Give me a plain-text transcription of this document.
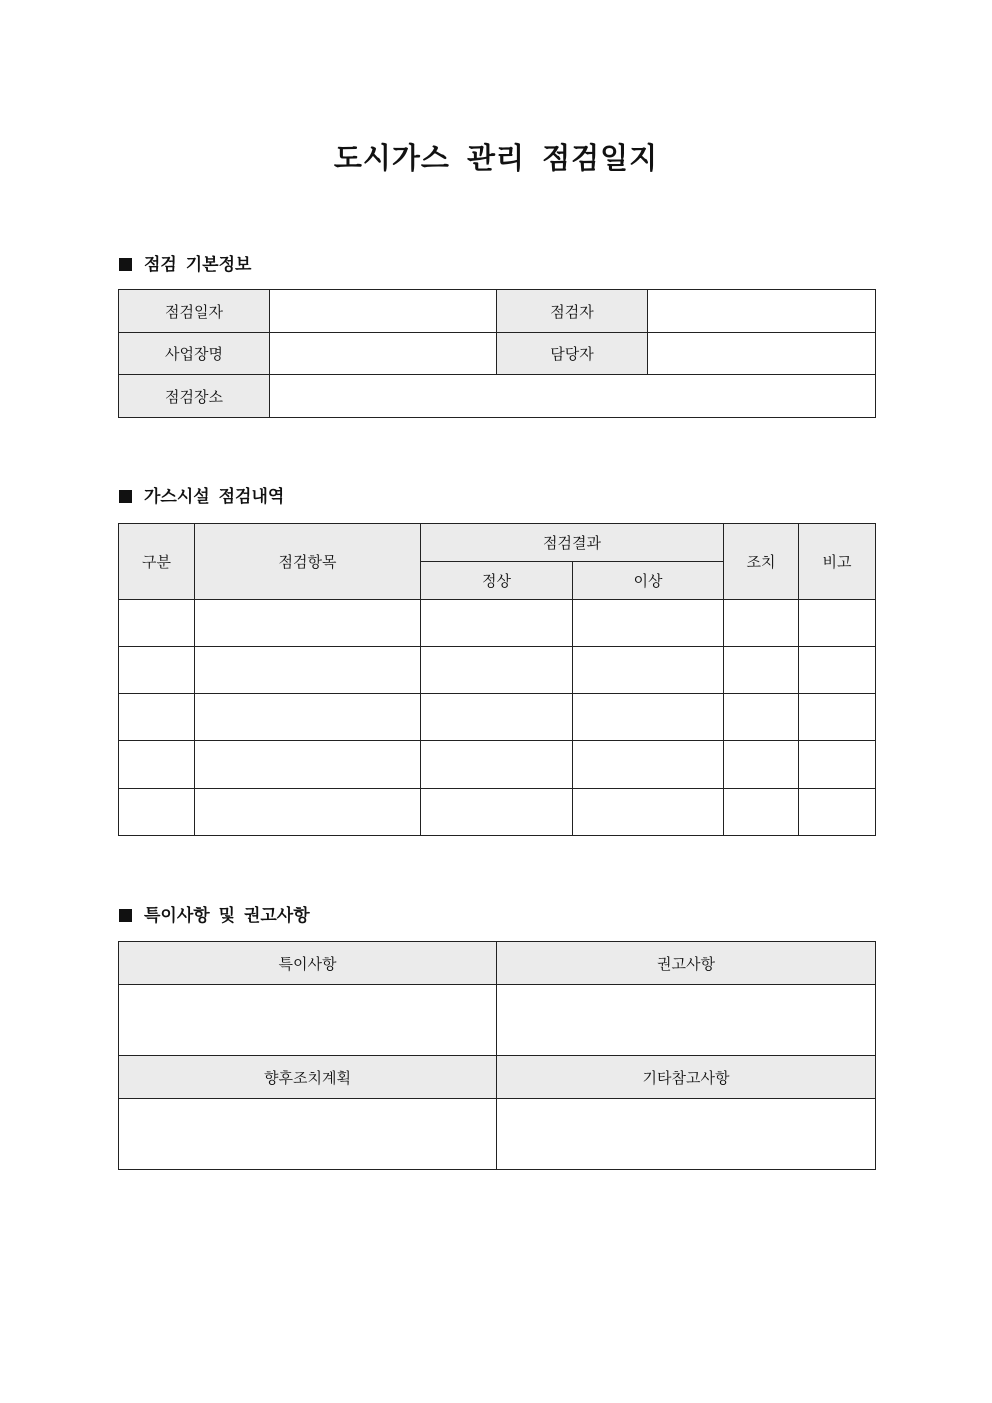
도시가스 관리 점검일지
점검 기본정보
점검일자		점검자	
사업장명		담당자	
점검장소			
가스시설 점검내역
구분	점검항목	점검결과		조치	비고
		정상	이상		

특이사항 및 권고사항
특이사항	권고사항

향후조치계획	기타참고사항
